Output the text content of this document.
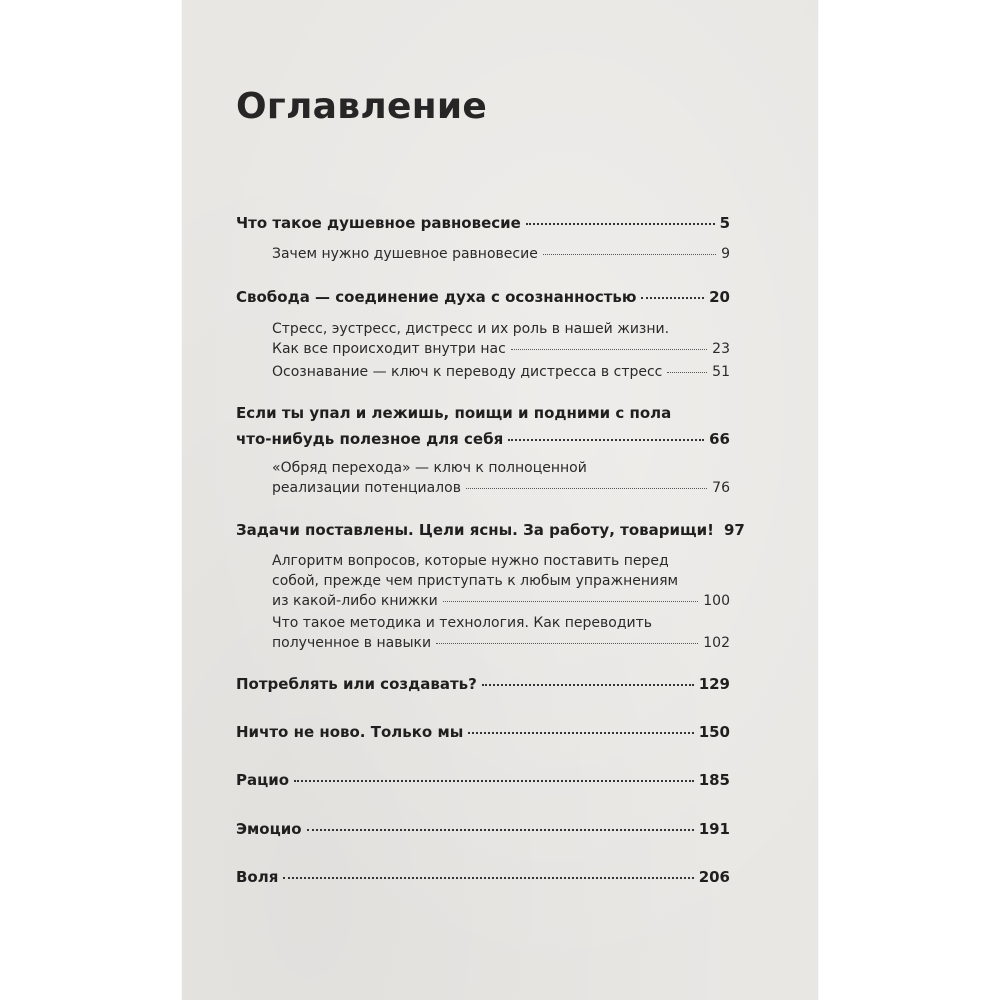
Оглавление
Что такое душевное равновесие	5
Зачем нужно душевное равновесие	9
Свобода — соединение духа с осознанностью	20
Стресс, эустресс, дистресс и их роль в нашей жизни.
Как все происходит внутри нас	23
Осознавание — ключ к переводу дистресса в стресс	51
Если ты упал и лежишь, поищи и подними с пола
что-нибудь полезное для себя	66
«Обряд перехода» — ключ к полноценной
реализации потенциалов	76
Задачи поставлены. Цели ясны. За работу, товарищи! 97
Алгоритм вопросов, которые нужно поставить перед
собой, прежде чем приступать к любым упражнениям
из какой-либо книжки	100
Что такое методика и технология. Как переводить
полученное в навыки	102
Потреблять или создавать?	129
Ничто не ново. Только мы	150
Рацио	185
Эмоцио	191
Воля	206
